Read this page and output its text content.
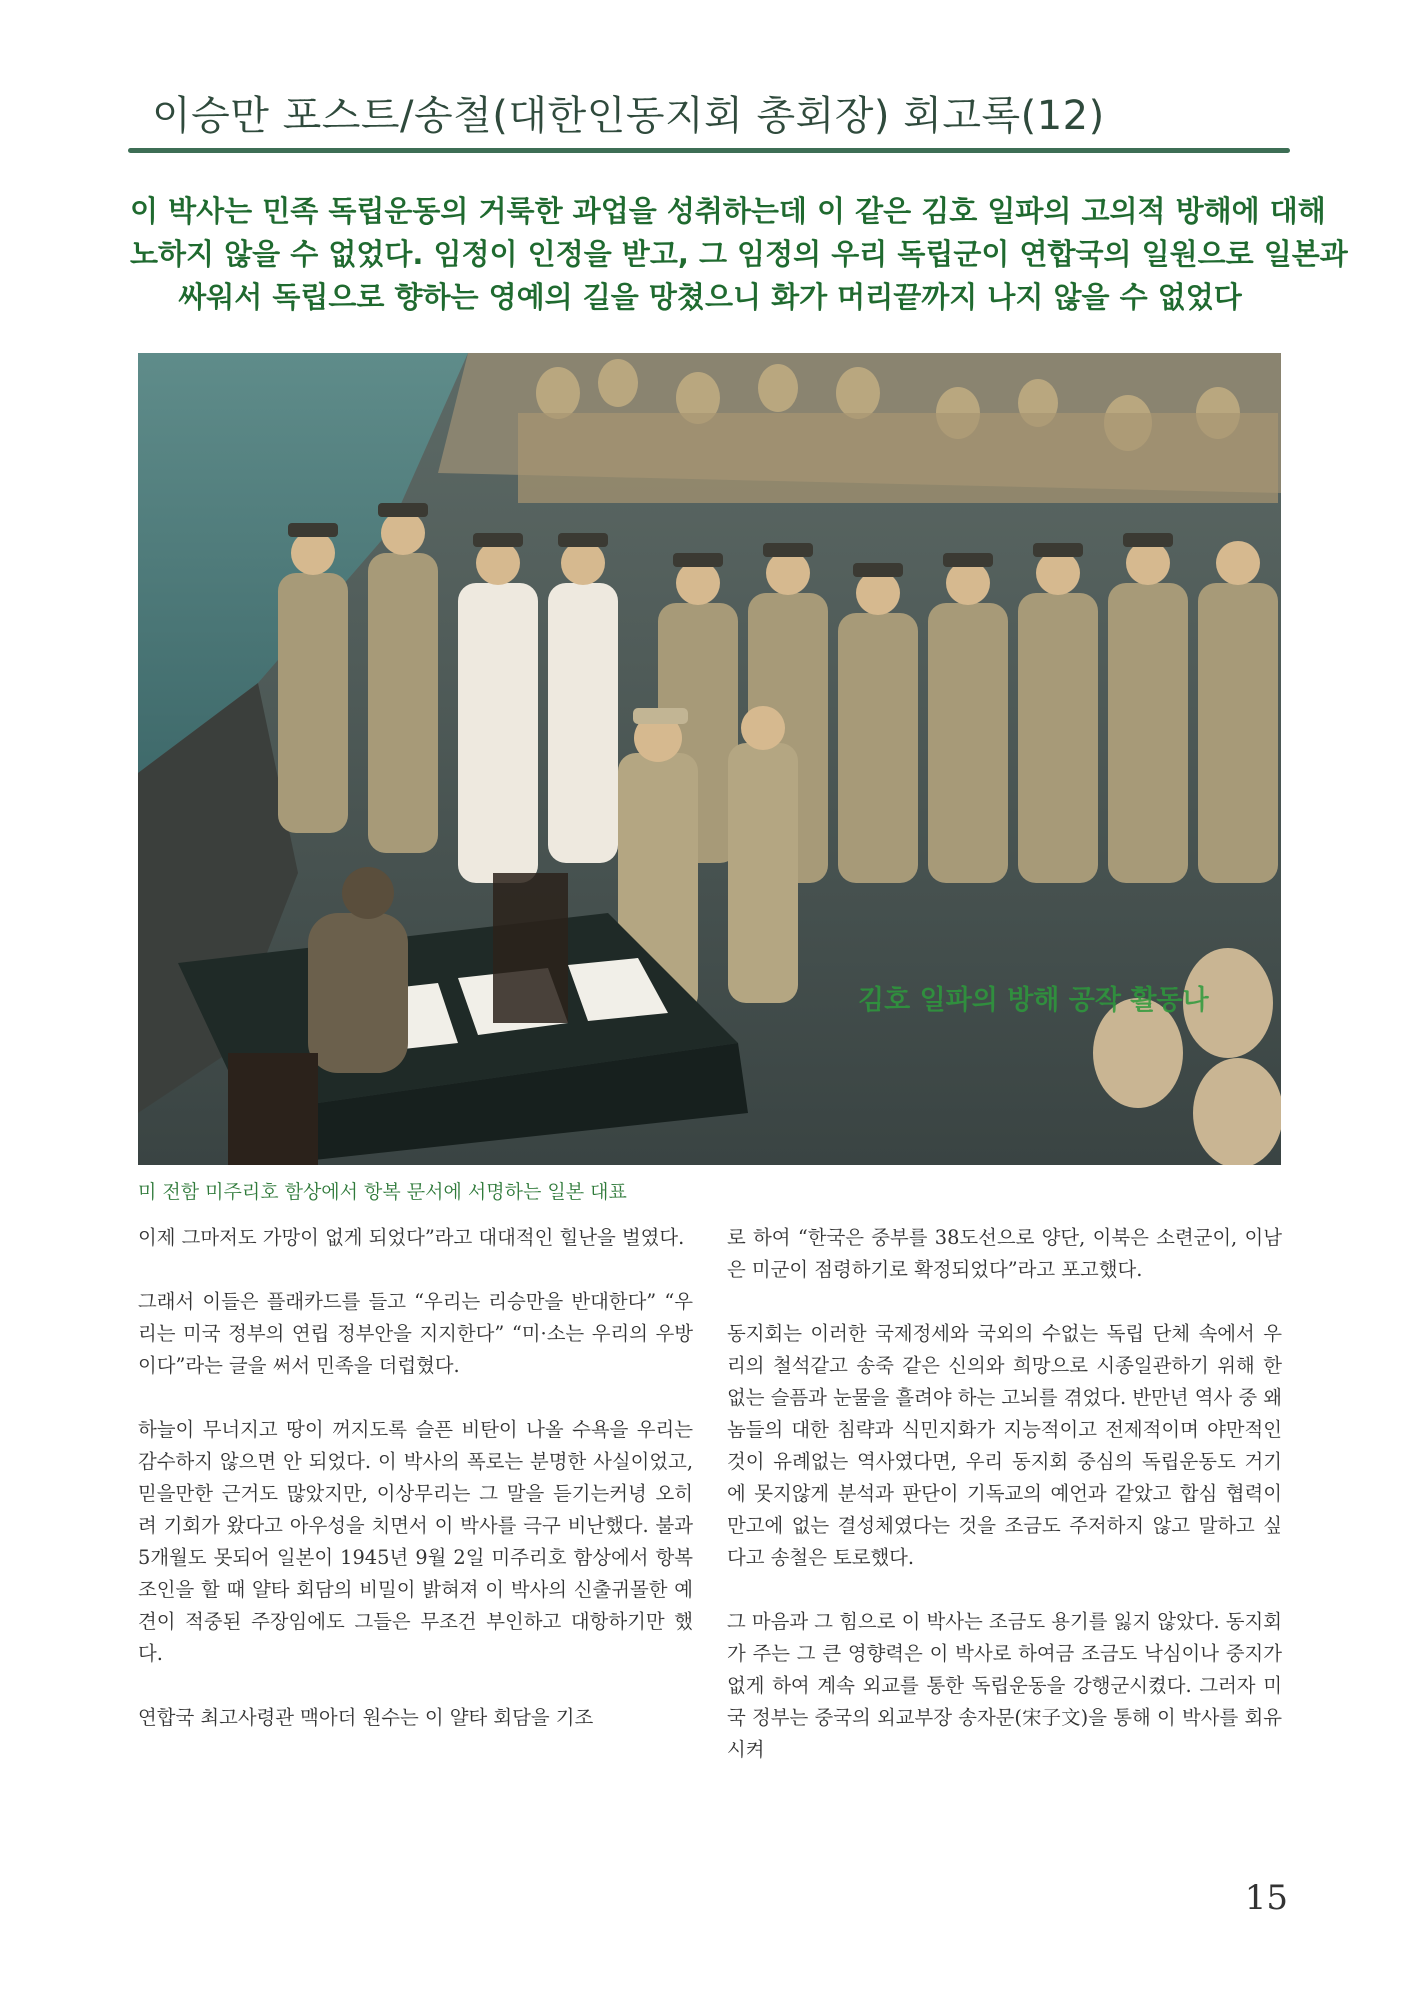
이승만 포스트/송철(대한인동지회 총회장) 회고록(12)
이 박사는 민족 독립운동의 거룩한 과업을 성취하는데 이 같은 김호 일파의 고의적 방해에 대해
노하지 않을 수 없었다. 임정이 인정을 받고, 그 임정의 우리 독립군이 연합국의 일원으로 일본과
싸워서 독립으로 향하는 영예의 길을 망쳤으니 화가 머리끝까지 나지 않을 수 없었다
김호 일파의 방해 공작 활동나
미 전함 미주리호 함상에서 항복 문서에 서명하는 일본 대표

이제 그마저도 가망이 없게 되었다”라고 대대적인 힐난을 벌였다.

그래서 이들은 플래카드를 들고 “우리는 리승만을 반대한다” “우리는 미국 정부의 연립 정부안을 지지한다” “미·소는 우리의 우방이다”라는 글을 써서 민족을 더럽혔다.

하늘이 무너지고 땅이 꺼지도록 슬픈 비탄이 나올 수욕을 우리는 감수하지 않으면 안 되었다. 이 박사의 폭로는 분명한 사실이었고, 믿을만한 근거도 많았지만, 이상무리는 그 말을 듣기는커녕 오히려 기회가 왔다고 아우성을 치면서 이 박사를 극구 비난했다. 불과 5개월도 못되어 일본이 1945년 9월 2일 미주리호 함상에서 항복조인을 할 때 얄타 회담의 비밀이 밝혀져 이 박사의 신출귀몰한 예견이 적중된 주장임에도 그들은 무조건 부인하고 대항하기만 했다.

연합국 최고사령관 맥아더 원수는 이 얄타 회담을 기조

로 하여 “한국은 중부를 38도선으로 양단, 이북은 소련군이, 이남은 미군이 점령하기로 확정되었다”라고 포고했다.

동지회는 이러한 국제정세와 국외의 수없는 독립 단체 속에서 우리의 철석같고 송죽 같은 신의와 희망으로 시종일관하기 위해 한없는 슬픔과 눈물을 흘려야 하는 고뇌를 겪었다. 반만년 역사 중 왜놈들의 대한 침략과 식민지화가 지능적이고 전제적이며 야만적인 것이 유례없는 역사였다면, 우리 동지회 중심의 독립운동도 거기에 못지않게 분석과 판단이 기독교의 예언과 같았고 합심 협력이 만고에 없는 결성체였다는 것을 조금도 주저하지 않고 말하고 싶다고 송철은 토로했다.

그 마음과 그 힘으로 이 박사는 조금도 용기를 잃지 않았다. 동지회가 주는 그 큰 영향력은 이 박사로 하여금 조금도 낙심이나 중지가 없게 하여 계속 외교를 통한 독립운동을 강행군시켰다. 그러자 미국 정부는 중국의 외교부장 송자문(宋子文)을 통해 이 박사를 회유시켜

15
